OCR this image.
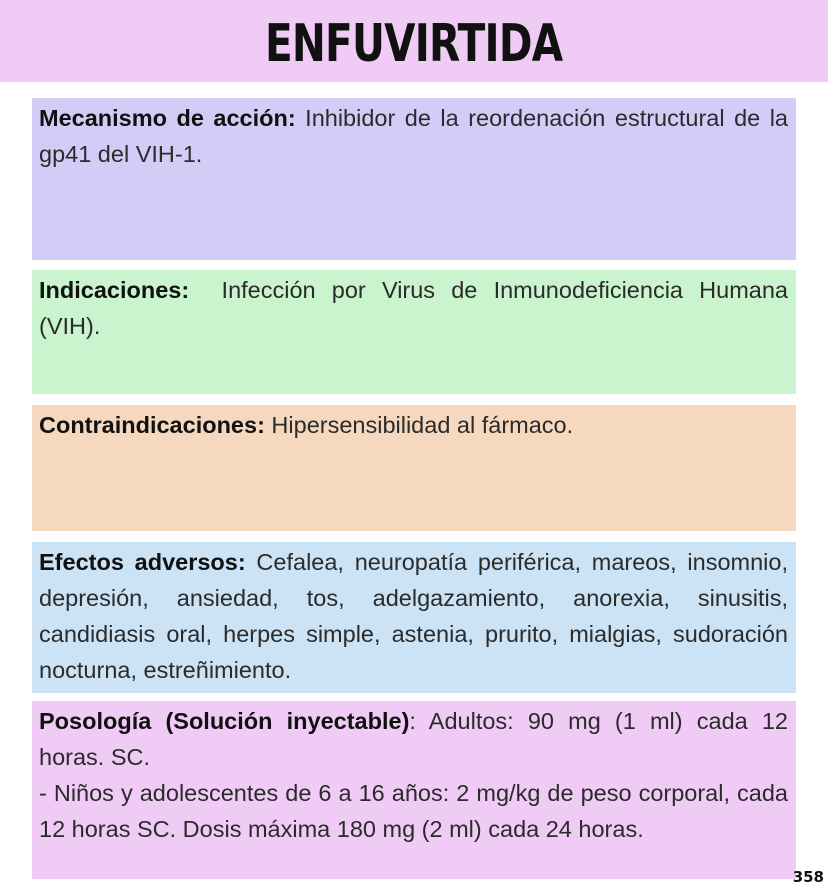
ENFUVIRTIDA
Mecanismo de acción: Inhibidor de la reordenación estructural de la gp41 del VIH-1.
Indicaciones:  Infección por Virus de Inmunodeficiencia Humana (VIH).
Contraindicaciones: Hipersensibilidad al fármaco.
Efectos adversos: Cefalea, neuropatía periférica, mareos, insomnio, depresión, ansiedad, tos, adelgazamiento, anorexia, sinusitis, candidiasis oral, herpes simple, astenia, prurito, mialgias, sudoración nocturna, estreñimiento.
Posología (Solución inyectable): Adultos: 90 mg (1 ml) cada 12 horas. SC.
- Niños y adolescentes de 6 a 16 años: 2 mg/kg de peso corporal, cada 12 horas SC. Dosis máxima 180 mg (2 ml) cada 24 horas.
358
